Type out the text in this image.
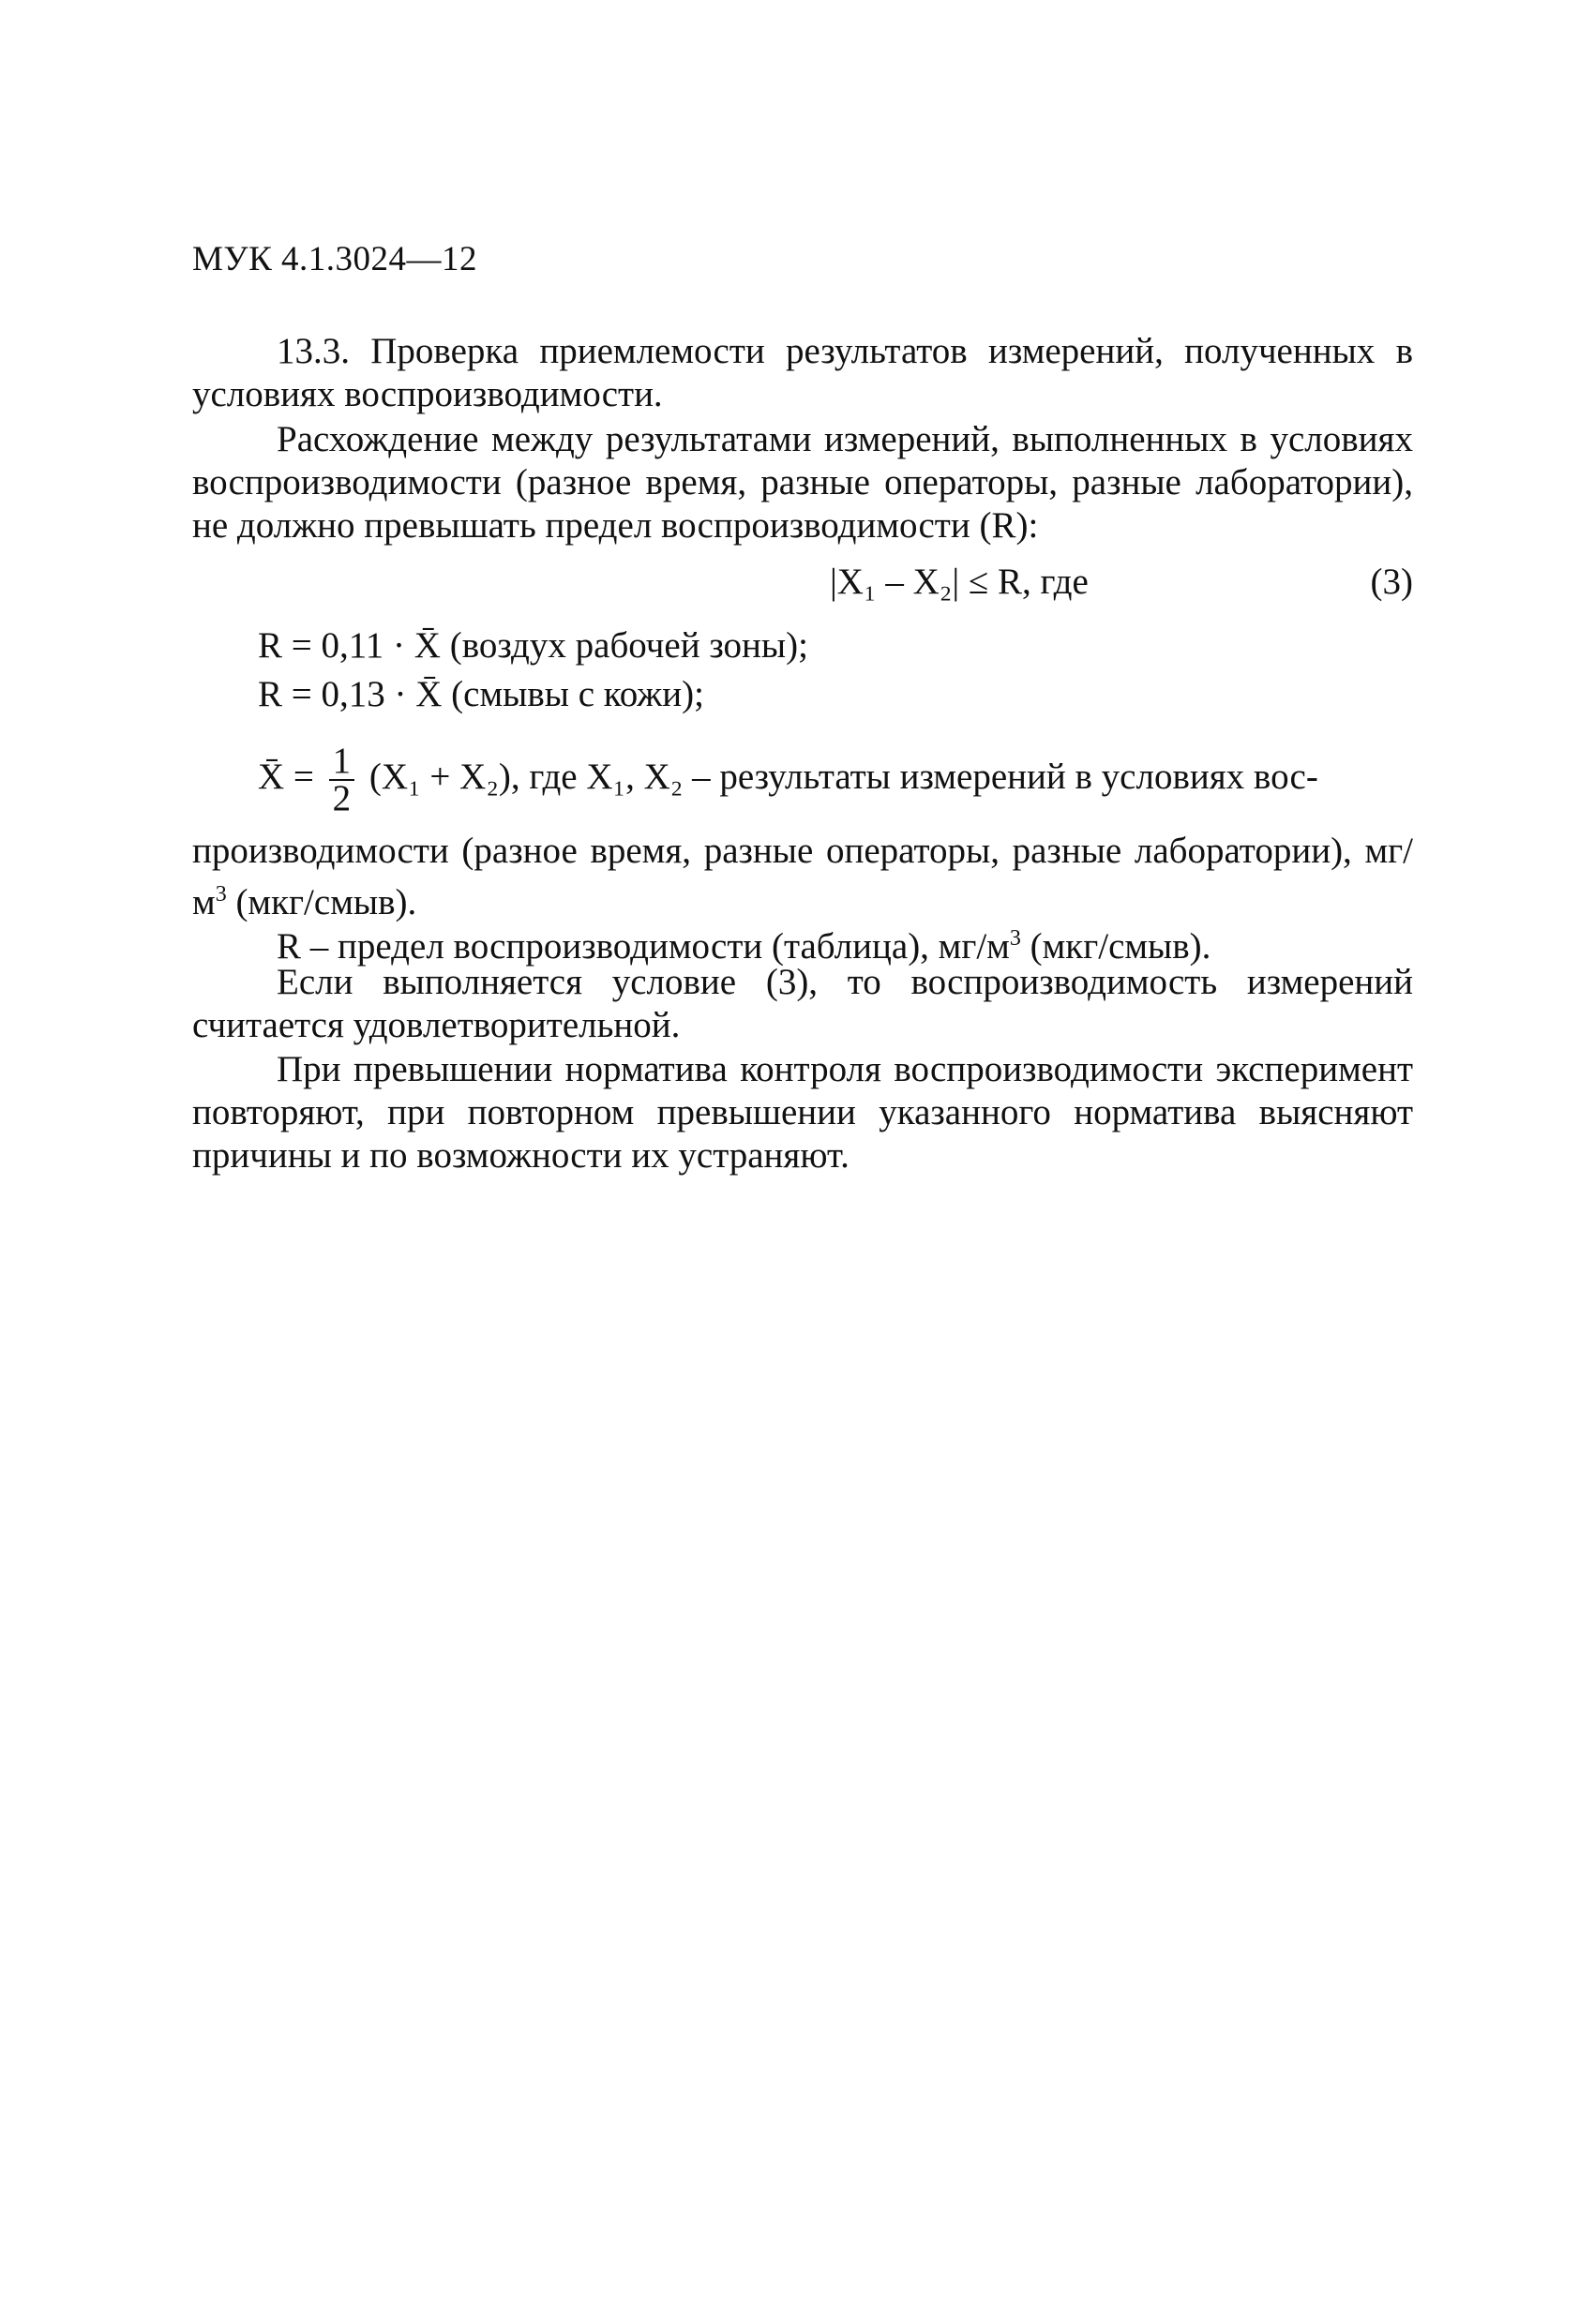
МУК 4.1.3024—12
13.3. Проверка приемлемости результатов измерений, полученных в условиях воспроизводимости.
Расхождение между результатами измерений, выполненных в условиях воспроизводимости (разное время, разные операторы, разные лаборатории), не должно превышать предел воспроизводимости (R):
|X₁ – X₂| ≤ R, где	(3)
R = 0,11 · X̄ (воздух рабочей зоны);
R = 0,13 · X̄ (смывы с кожи);
X̄ = $\frac{1}{2} (X_1 + X_2)$, где X₁, X₂ – результаты измерений в условиях вос-
производимости (разное время, разные операторы, разные лаборатории), $мг/м^3$ (мкг/смыв).
R – предел воспроизводимости (таблица), $мг/м^3$ (мкг/смыв).
Если выполняется условие (3), то воспроизводимость измерений считается удовлетворительной.
При превышении норматива контроля воспроизводимости эксперимент повторяют, при повторном превышении указанного норматива выясняют причины и по возможности их устраняют.
